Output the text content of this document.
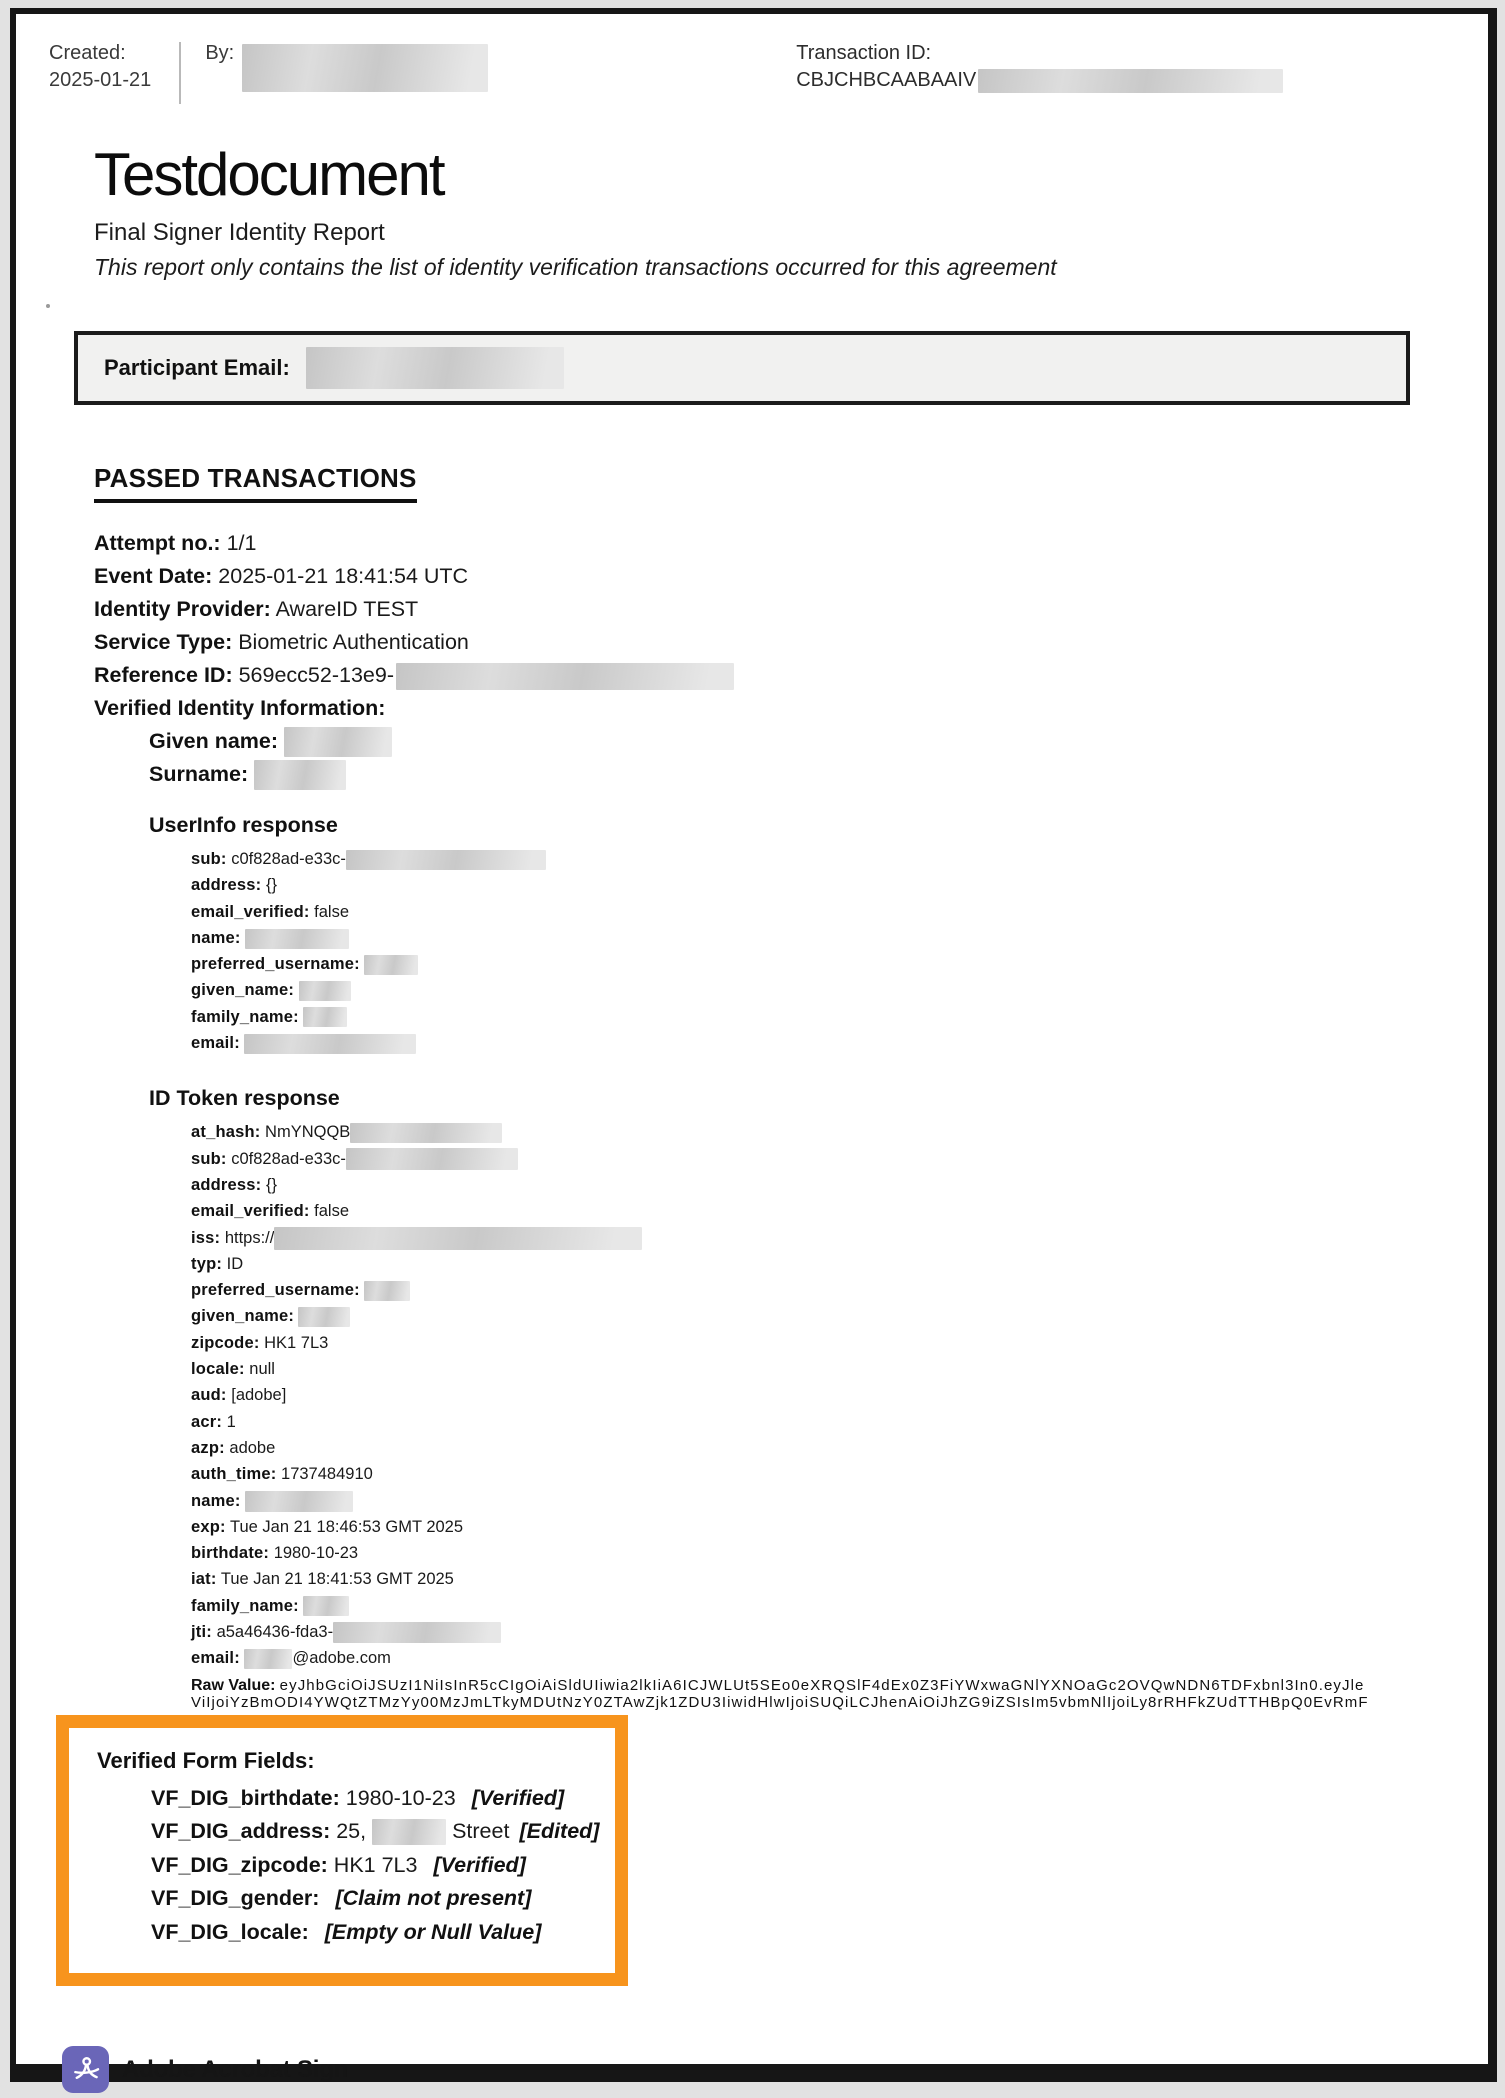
Created:
2025-01-21
By:	Transaction ID:
CBJCHBCAABAAIV
Testdocument
Final Signer Identity Report
This report only contains the list of identity verification transactions occurred for this agreement
Participant Email:
PASSED TRANSACTIONS
Attempt no.: 1/1
Event Date: 2025-01-21 18:41:54 UTC
Identity Provider: AwareID TEST
Service Type: Biometric Authentication
Reference ID: 569ecc52-13e9-
Verified Identity Information:
Given name:
Surname:
UserInfo response
sub: c0f828ad-e33c-
address: {}
email_verified: false
name:
preferred_username:
given_name:
family_name:
email:
ID Token response
at_hash: NmYNQQB
sub: c0f828ad-e33c-
address: {}
email_verified: false
iss: https://
typ: ID
preferred_username:
given_name:
zipcode: HK1 7L3
locale: null
aud: [adobe]
acr: 1
azp: adobe
auth_time: 1737484910
name:
exp: Tue Jan 21 18:46:53 GMT 2025
birthdate: 1980-10-23
iat: Tue Jan 21 18:41:53 GMT 2025
family_name:
jti: a5a46436-fda3-
email:	@adobe.com
Raw Value: eyJhbGciOiJSUzI1NiIsInR5cCIgOiAiSldUIiwia2lkIiA6ICJWLUt5SEo0eXRQSlF4dEx0Z3FiYWxwaGNlYXNOaGc2OVQwNDN6TDFxbnl3In0.eyJle
ViIjoiYzBmODI4YWQtZTMzYy00MzJmLTkyMDUtNzY0ZTAwZjk1ZDU3IiwidHlwIjoiSUQiLCJhenAiOiJhZG9iZSIsIm5vbmNlIjoiLy8rRHFkZUdTTHBpQ0EvRmF
Verified Form Fields:
VF_DIG_birthdate: 1980-10-23 [Verified]
VF_DIG_address: 25,	Street [Edited]
VF_DIG_zipcode: HK1 7L3 [Verified]
VF_DIG_gender: [Claim not present]
VF_DIG_locale: [Empty or Null Value]
Adobe Acrobat Sign
